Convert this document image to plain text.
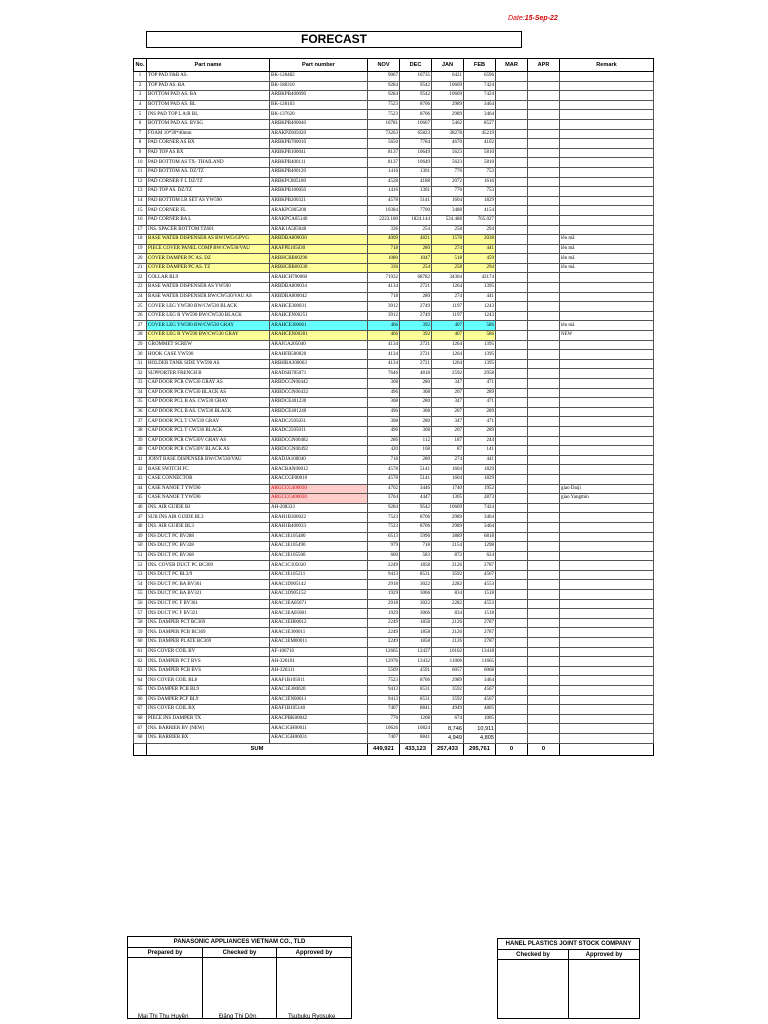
Date:15-Sep-22
FORECAST
No.	Part name	Part number	NOV	DEC	JAN	FEB	MAR	APR	Remark
1	TOP PAD F&B AS.	BK-128482	9067	10735	6421	6596			
2	TOP PAD AS. BA	BK-188310	9284	9542	10669	7424			
3	BOTTOM PAD AS. BA	ARBKPB400090	9284	9542	10669	7424			
4	BOTTOM PAD AS. BL	BK-128163	7523	8706	2989	3464			
5	INS PAD TOP L A/R BL	BK-137620	7523	8706	2989	3464			
6	BOTTOM PAD AS. BVSG	ARBKPB400040	10781	10667	5462	8527			
7	FOAM 10*30*40mm	ARAKPZ605020	73263	65823	38278	45219			
8	PAD CORNER AS BX	ARBKPB700010	5650	7784	4670	4102			
9	PAD TOP AS BX	ARBKPB100041	8137	10649	5623	5810			
10	PAD BOTTOM AS TX- THAILAND	ARBKPB400111	8137	10649	5623	5810			
11	PAD BOTTOM AS. DZ/TZ	ARBKPB400120	1416	1301	776	753			
12	PAD CORNER F L DZ/TZ	ARBKPC805180	4528	4188	2072	1616			
13	PAD TOP AS. DZ/TZ	ARBKPB100050	1416	1301	776	753			
14	PAD BOTTOM LR SET AS YW590	ARBKPB200321	4578	5141	1604	1829			
15	PAD CORNER FL	ARAKPC805200	10384	7700	3488	4154			
16	PAD CORNER BA L	ARAKPCA05140	2223.180	1824.144	524.488	765.027			
17	INS. SPACER BOTTOM TZ601	ARAK1A505040	336	254	258	294			
18	BASE WATER DISPENSER AS BW1WG/GPVG	ARBDBA800030	4009	4821	1578	2038			lên mã
19	PIECE COVER PANEL COMP BW/CW530/VAU	ARAFPE105030	718	280	274	441			lên mã
20	COVER DAMPER PC AS. DZ	ARBHCBB00290	1080	1047	518	459			lên mã
21	COVER DAMPER PC AS. TZ	ARBHCBB00330	336	254	258	294			lên mã
22	COLLAR BL9	ARAHCH700060	71932	68782	34304	42174			
23	BASE WATER DISPENSER AS YW590	ARBDBA800034	4134	2721	1264	1395			
24	BASE WATER DISPENSER BW/CW530/VAU AS	ARBDBA800042	718	280	274	441			
25	COVER LEG YW590 BW/CW530 BLACK	ARAHCE300031	3912	2749	1197	1243			
26	COVER LEG R YW590 BW/CW530 BLACK	ARAHCEN00251	3912	2749	1197	1243			
27	COVER LEG YW590 BW/CW530 GRAY	ARAHCE300061	466	392	407	586			lên mã
28	COVER LEG R YW590 BW/CW530 GRAY	ARAHCEN00281	466	392	407	586			NEW
29	GROMMET SCREW	ARAJGA205040	4134	2721	1264	1395			
30	HOOK CASE YW590	ARAHFB500020	4134	2721	1264	1395			
31	HOLDER TANK SIDE YW590 AS	ARBHBA300063	4134	2721	1264	1395			
32	SUPPORTER FRENCH B	ARADSB705071	7646	4818	2592	2958			
33	CAP DOOR PCR CW530 GRAY AS	ARBDCGN00442	308	280	347	471			
34	CAP DOOR PCR CW530 BLACK AS	ARBDCGN00432	496	308	207	289			
35	CAP DOOR PCL B AS. CW530 GRAY	ARBDCE401230	308	280	347	471			
36	CAP DOOR PCL B AS. CW530 BLACK	ARBDCE401240	496	308	207	289			
37	CAP DOOR PCL T CW530 GRAY	ARADC2505031	308	280	347	471			
38	CAP DOOR PCL T CW530 BLACK	ARADC2505011	496	308	207	289			
39	CAP DOOR PCR CW530V GRAY AS	ARBDCGN00482	286	112	187	244			
40	CAP DOOR PCR CW530V BLACK AS	ARBDCGN00492	420	168	87	141			
41	JOINT BASE DISPENSER BW/CW530/VAU	ARADJA100040	718	280	274	441			
42	BASE SWITCH FC	ARACBAN00012	4578	5141	1604	1829			
43	CASE CONNECTOR	ARACCGF00010	4578	5141	1604	1829			
44	CASE NANOE T YW590	ARGCCG400030	4702	3446	1740	1952			giao Daiji
45	CASE NANOE T YW590	ARGCCG400030	3764	4447	1305	2873			giao Yangmin
46	INS. AIR GUIDE BJ	AH-208333	9284	9542	10669	7424			
47	SUB INS AIR GUIDE BL3	ARAH1B300022	7523	8706	2989	3464			
48	INS. AIR GUIDE BL3	ARAH1B400033	7523	8706	2989	3464			
49	INS DUCT PC BV288	ARAC1E105480	6513	5996	3889	6818			
50	INS DUCT PC BV328	ARAC1E105490	979	718	2154	1298			
51	INS DUCT PC BV368	ARAC1E105500	600	583	872	624			
52	INS. COVER DUCT PC BC369	ARAC1C105030	2249	1858	2126	2787			
53	INS DUCT PC BL3/9	ARAC1E105211	9413	8531	3592	4567			
54	INS DUCT PC BA BV361	ARAC1D905142	2918	3022	2282	4553			
55	INS DUCT PC BA BV321	ARAC1D905152	1929	3066	834	1518			
56	INS DUCT PC F BV361	ARAC1EA05071	2918	3022	2282	4553			
57	INS DUCT PC F BV321	ARAC1EA05081	1929	3066	834	1518			
58	INS. DAMPER PCT BC369	ARAC1EH00012	2249	1858	2126	2787			
59	INS. DAMPER PCB BC369	ARAC1E300011	2249	1858	2126	2787			
60	INS. DAMPER PLATE BC369	ARAC1EM00011	2249	1858	2126	2787			
61	INS COVER COIL BV	AF-106710	12665	12437	10102	13418			
62	INS. DAMPER PCT BVS	AH-326101	12976	13432	11006	11665			
63	INS. DAMPER PCB BVS	AH-326311	5569	4591	6057	6068			
64	INS COVER COIL BL8	ARAF1B105011	7523	8706	2989	3464			
65	INS DAMPER PCB BL9	ARAC1E300020	9413	8531	3592	4567			
66	INS DAMPER PCF BL9	ARAC1EN00011	9413	8531	3592	4567			
67	INS COVER COIL BX	ARAF1B105140	7407	8841	4949	4805			
68	PIECE INS DAMPER TX	ARACPBK00042	776	1208	674	1005			
67	INS. BARRIER BV (NEW)	ARAC1GH00011	10626	10824	8,746	10,911			
68	INS. BARRIER BX	ARAC1GH00031	7407	8841	4,949	4,805			
	SUM		449,921	433,123	257,433	295,761	0	0	
PANASONIC APPLIANCES VIETNAM CO., TLD		
Prepared by	Checked by	Approved by

Mai Thị Thu Huyền	Đặng Thị Dởn	Tsubuku Ryosuke
HANEL PLASTICS JOINT STOCK COMPANY	
Checked by	Approved by
